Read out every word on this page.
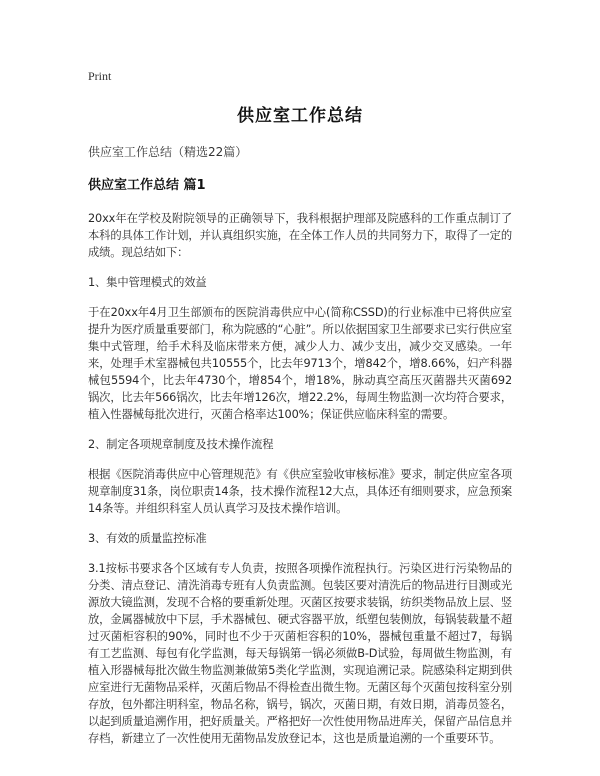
Print
供应室工作总结
供应室工作总结（精选22篇）
供应室工作总结 篇1

20xx年在学校及附院领导的正确领导下，我科根据护理部及院感科的工作重点制订了本科的具体工作计划，并认真组织实施，在全体工作人员的共同努力下，取得了一定的成绩。现总结如下：

1、集中管理模式的效益

于在20xx年4月卫生部颁布的医院消毒供应中心(简称CSSD)的行业标准中已将供应室提升为医疗质量重要部门，称为院感的“心脏”。所以依据国家卫生部要求已实行供应室集中式管理，给手术科及临床带来方便，减少人力、减少支出，减少交叉感染。一年来，处理手术室器械包共10555个，比去年9713个，增842个，增8.66%，妇产科器械包5594个，比去年4730个，增854个，增18%，脉动真空高压灭菌器共灭菌692锅次，比去年566锅次，比去年增126次，增22.2%，每周生物监测一次均符合要求，植入性器械每批次进行，灭菌合格率达100%；保证供应临床科室的需要。

2、制定各项规章制度及技术操作流程

根据《医院消毒供应中心管理规范》有《供应室验收审核标准》要求，制定供应室各项规章制度31条，岗位职责14条，技术操作流程12大点，具体还有细则要求，应急预案14条等。并组织科室人员认真学习及技术操作培训。

3、有效的质量监控标准

3.1按标书要求各个区域有专人负责，按照各项操作流程执行。污染区进行污染物品的分类、清点登记、清洗消毒专班有人负责监测。包装区要对清洗后的物品进行目测或光源放大镜监测，发现不合格的要重新处理。灭菌区按要求装锅，纺织类物品放上层、竖放，金属器械放中下层，手术器械包、硬式容器平放，纸塑包装侧放，每锅装载量不超过灭菌柜容积的90%，同时也不少于灭菌柜容积的10%，器械包重量不超过7，每锅有工艺监测、每包有化学监测，每天每锅第一锅必须做B-D试验，每周做生物监测，有植入形器械每批次做生物监测兼做第5类化学监测，实现追溯记录。院感染科定期到供应室进行无菌物品采样，灭菌后物品不得检查出微生物。无菌区每个灭菌包按科室分别存放，包外都注明科室，物品名称，锅号，锅次，灭菌日期，有效日期，消毒员签名，以起到质量追溯作用，把好质量关。严格把好一次性使用物品进库关，保留产品信息并存档，新建立了一次性使用无菌物品发放登记本，这也是质量追溯的一个重要环节。
